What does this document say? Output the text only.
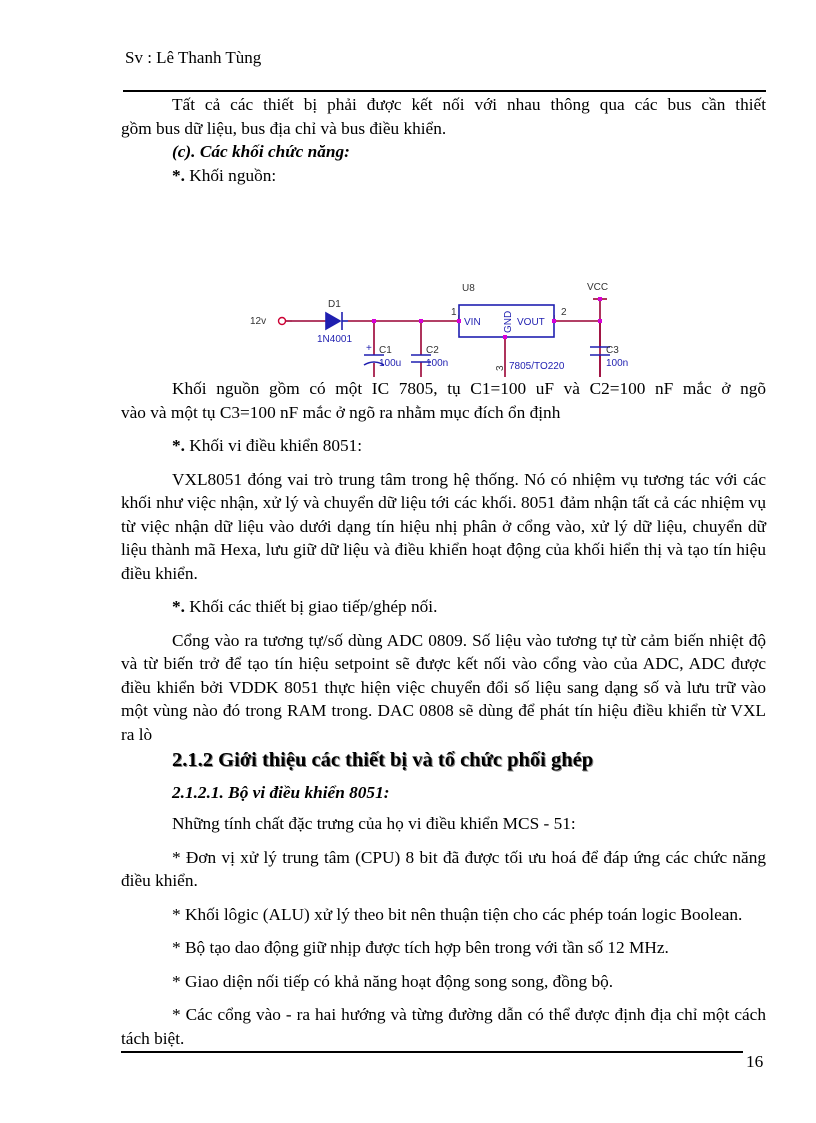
Sv : Lê Thanh Tùng

Tất cả các thiết bị phải được kết nối với nhau thông qua các bus cần thiết

gồm bus dữ liệu, bus địa chỉ và bus điều khiển.

(c). Các khối chức năng:

*. Khối nguồn:

12v
D1
1N4001
+ C1
100u
C2
100n
U8
1	2
VIN	VOUT
GND
3 7805/TO220
VCC
C3
100n

Khối nguồn gồm có một IC 7805, tụ C1=100 uF và C2=100 nF mắc ở ngõ

vào và một tụ C3=100 nF mắc ở ngõ ra nhằm mục đích ổn định

*. Khối vi điều khiển 8051:

VXL8051 đóng vai trò trung tâm trong hệ thống. Nó có nhiệm vụ tương tác với các khối như việc nhận, xử lý và chuyển dữ liệu tới các khối. 8051 đảm nhận tất cả các nhiệm vụ từ việc nhận dữ liệu vào dưới dạng tín hiệu nhị phân ở cổng vào, xử lý dữ liệu, chuyển dữ liệu thành mã Hexa, lưu giữ dữ liệu và điều khiển hoạt động của khối hiển thị và tạo tín hiệu điều khiển.

*. Khối các thiết bị giao tiếp/ghép nối.

Cổng vào ra tương tự/số dùng ADC 0809. Số liệu vào tương tự từ cảm biến nhiệt độ và từ biến trở để tạo tín hiệu setpoint sẽ được kết nối vào cổng vào của ADC, ADC được điều khiển bởi VDDK 8051 thực hiện việc chuyển đổi số liệu sang dạng số và lưu trữ vào một vùng nào đó trong RAM trong. DAC 0808 sẽ dùng để phát tín hiệu điều khiển từ VXL ra lò

2.1.2 Giới thiệu các thiết bị và tổ chức phối ghép

2.1.2.1. Bộ vi điều khiển 8051:

Những tính chất đặc trưng của họ vi điều khiển MCS - 51:

* Đơn vị xử lý trung tâm (CPU) 8 bit đã được tối ưu hoá để đáp ứng các chức năng điều khiển.

* Khối lôgic (ALU) xử lý theo bit nên thuận tiện cho các phép toán logic Boolean.

* Bộ tạo dao động giữ nhịp được tích hợp bên trong với tần số 12 MHz.

* Giao diện nối tiếp có khả năng hoạt động song song, đồng bộ.

* Các cổng vào - ra hai hướng và từng đường dẫn có thể được định địa chỉ một cách tách biệt.

16
